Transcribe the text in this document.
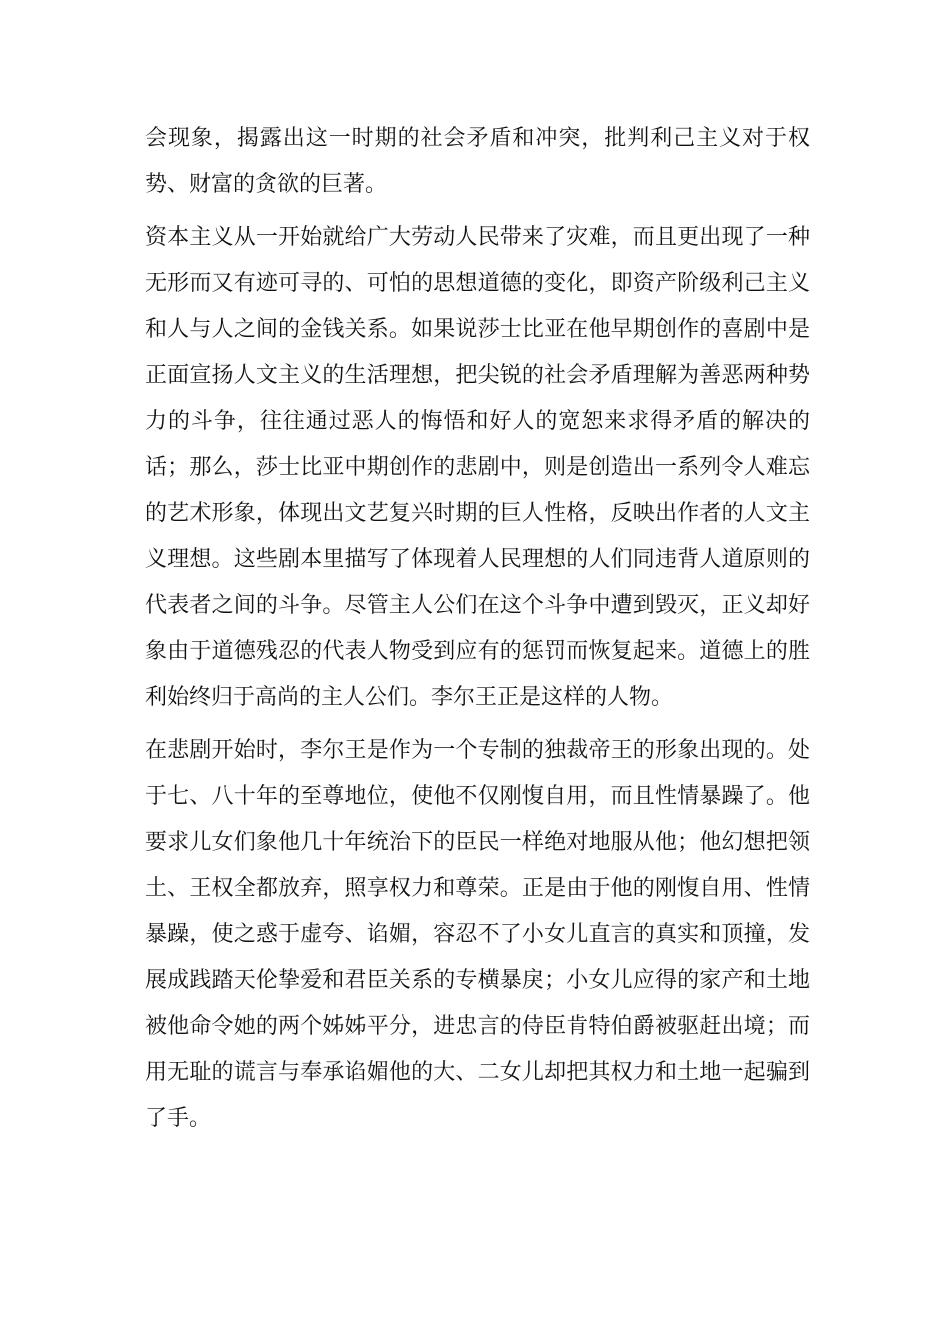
会现象，揭露出这一时期的社会矛盾和冲突，批判利己主义对于权势、财富的贪欲的巨著。

资本主义从一开始就给广大劳动人民带来了灾难，而且更出现了一种无形而又有迹可寻的、可怕的思想道德的变化，即资产阶级利己主义和人与人之间的金钱关系。如果说莎士比亚在他早期创作的喜剧中是正面宣扬人文主义的生活理想，把尖锐的社会矛盾理解为善恶两种势力的斗争，往往通过恶人的悔悟和好人的宽恕来求得矛盾的解决的话；那么，莎士比亚中期创作的悲剧中，则是创造出一系列令人难忘的艺术形象，体现出文艺复兴时期的巨人性格，反映出作者的人文主义理想。这些剧本里描写了体现着人民理想的人们同违背人道原则的代表者之间的斗争。尽管主人公们在这个斗争中遭到毁灭，正义却好象由于道德残忍的代表人物受到应有的惩罚而恢复起来。道德上的胜利始终归于高尚的主人公们。李尔王正是这样的人物。

在悲剧开始时，李尔王是作为一个专制的独裁帝王的形象出现的。处于七、八十年的至尊地位，使他不仅刚愎自用，而且性情暴躁了。他要求儿女们象他几十年统治下的臣民一样绝对地服从他；他幻想把领土、王权全都放弃，照享权力和尊荣。正是由于他的刚愎自用、性情暴躁，使之惑于虚夸、谄媚，容忍不了小女儿直言的真实和顶撞，发展成践踏天伦挚爱和君臣关系的专横暴戾；小女儿应得的家产和土地被他命令她的两个姊姊平分，进忠言的侍臣肯特伯爵被驱赶出境；而用无耻的谎言与奉承谄媚他的大、二女儿却把其权力和土地一起骗到了手。
